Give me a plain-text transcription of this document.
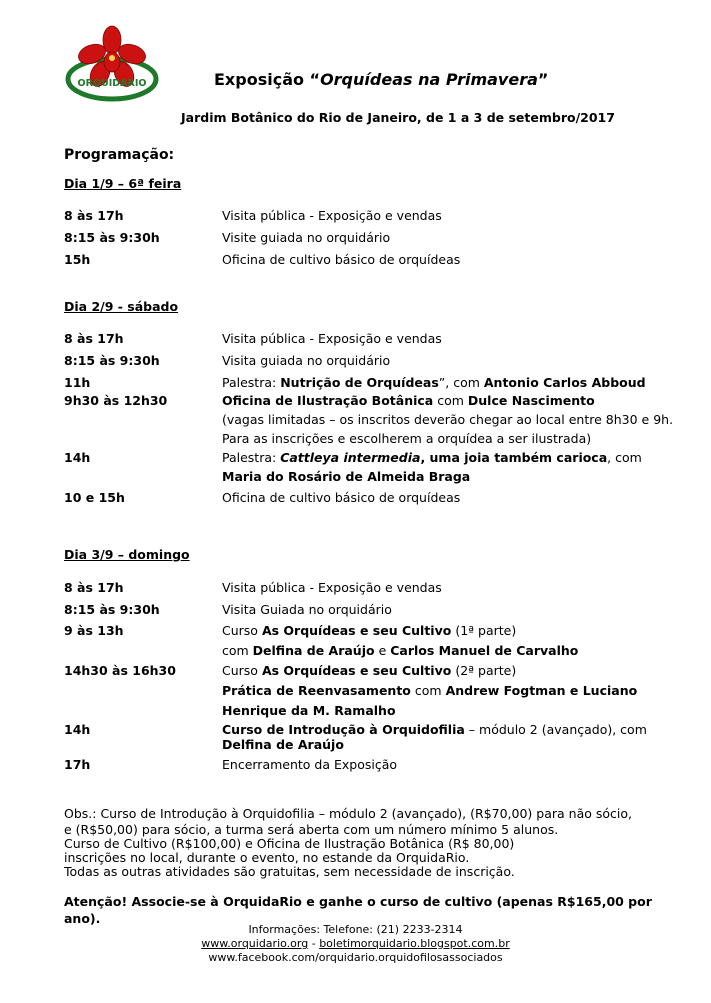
ORQUIDARIO	Exposição “Orquídeas na Primavera”
Jardim Botânico do Rio de Janeiro, de 1 a 3 de setembro/2017
Programação:
Dia 1/9 – 6ª feira
8 às 17h	Visita pública - Exposição e vendas
8:15 às 9:30h	Visite guiada no orquidário
15h	Oficina de cultivo básico de orquídeas
Dia 2/9 - sábado
8 às 17h	Visita pública - Exposição e vendas
8:15 às 9:30h	Visita guiada no orquidário
11h	Palestra: Nutrição de Orquídeas”, com Antonio Carlos Abboud
9h30 às 12h30	Oficina de Ilustração Botânica com Dulce Nascimento
(vagas limitadas – os inscritos deverão chegar ao local entre 8h30 e 9h.
Para as inscrições e escolherem a orquídea a ser ilustrada)
14h	Palestra: Cattleya intermedia, uma joia também carioca, com
Maria do Rosário de Almeida Braga
10 e 15h	Oficina de cultivo básico de orquídeas
Dia 3/9 – domingo
8 às 17h	Visita pública - Exposição e vendas
8:15 às 9:30h	Visita Guiada no orquidário
9 às 13h	Curso As Orquídeas e seu Cultivo (1ª parte)
com Delfina de Araújo e Carlos Manuel de Carvalho
14h30 às 16h30	Curso As Orquídeas e seu Cultivo (2ª parte)
Prática de Reenvasamento com Andrew Fogtman e Luciano
Henrique da M. Ramalho
14h	Curso de Introdução à Orquidofilia – módulo 2 (avançado), com
Delfina de Araújo
17h	Encerramento da Exposição
Obs.: Curso de Introdução à Orquidofilia – módulo 2 (avançado), (R$70,00) para não sócio,
e (R$50,00) para sócio, a turma será aberta com um número mínimo 5 alunos.
Curso de Cultivo (R$100,00) e Oficina de Ilustração Botânica (R$ 80,00)
inscrições no local, durante o evento, no estande da OrquidaRio.
Todas as outras atividades são gratuitas, sem necessidade de inscrição.
Atenção! Associe-se à OrquidaRio e ganhe o curso de cultivo (apenas R$165,00 por ano).
Informações: Telefone: (21) 2233-2314
www.orquidario.org - boletimorquidario.blogspot.com.br
www.facebook.com/orquidario.orquidofilosassociados
